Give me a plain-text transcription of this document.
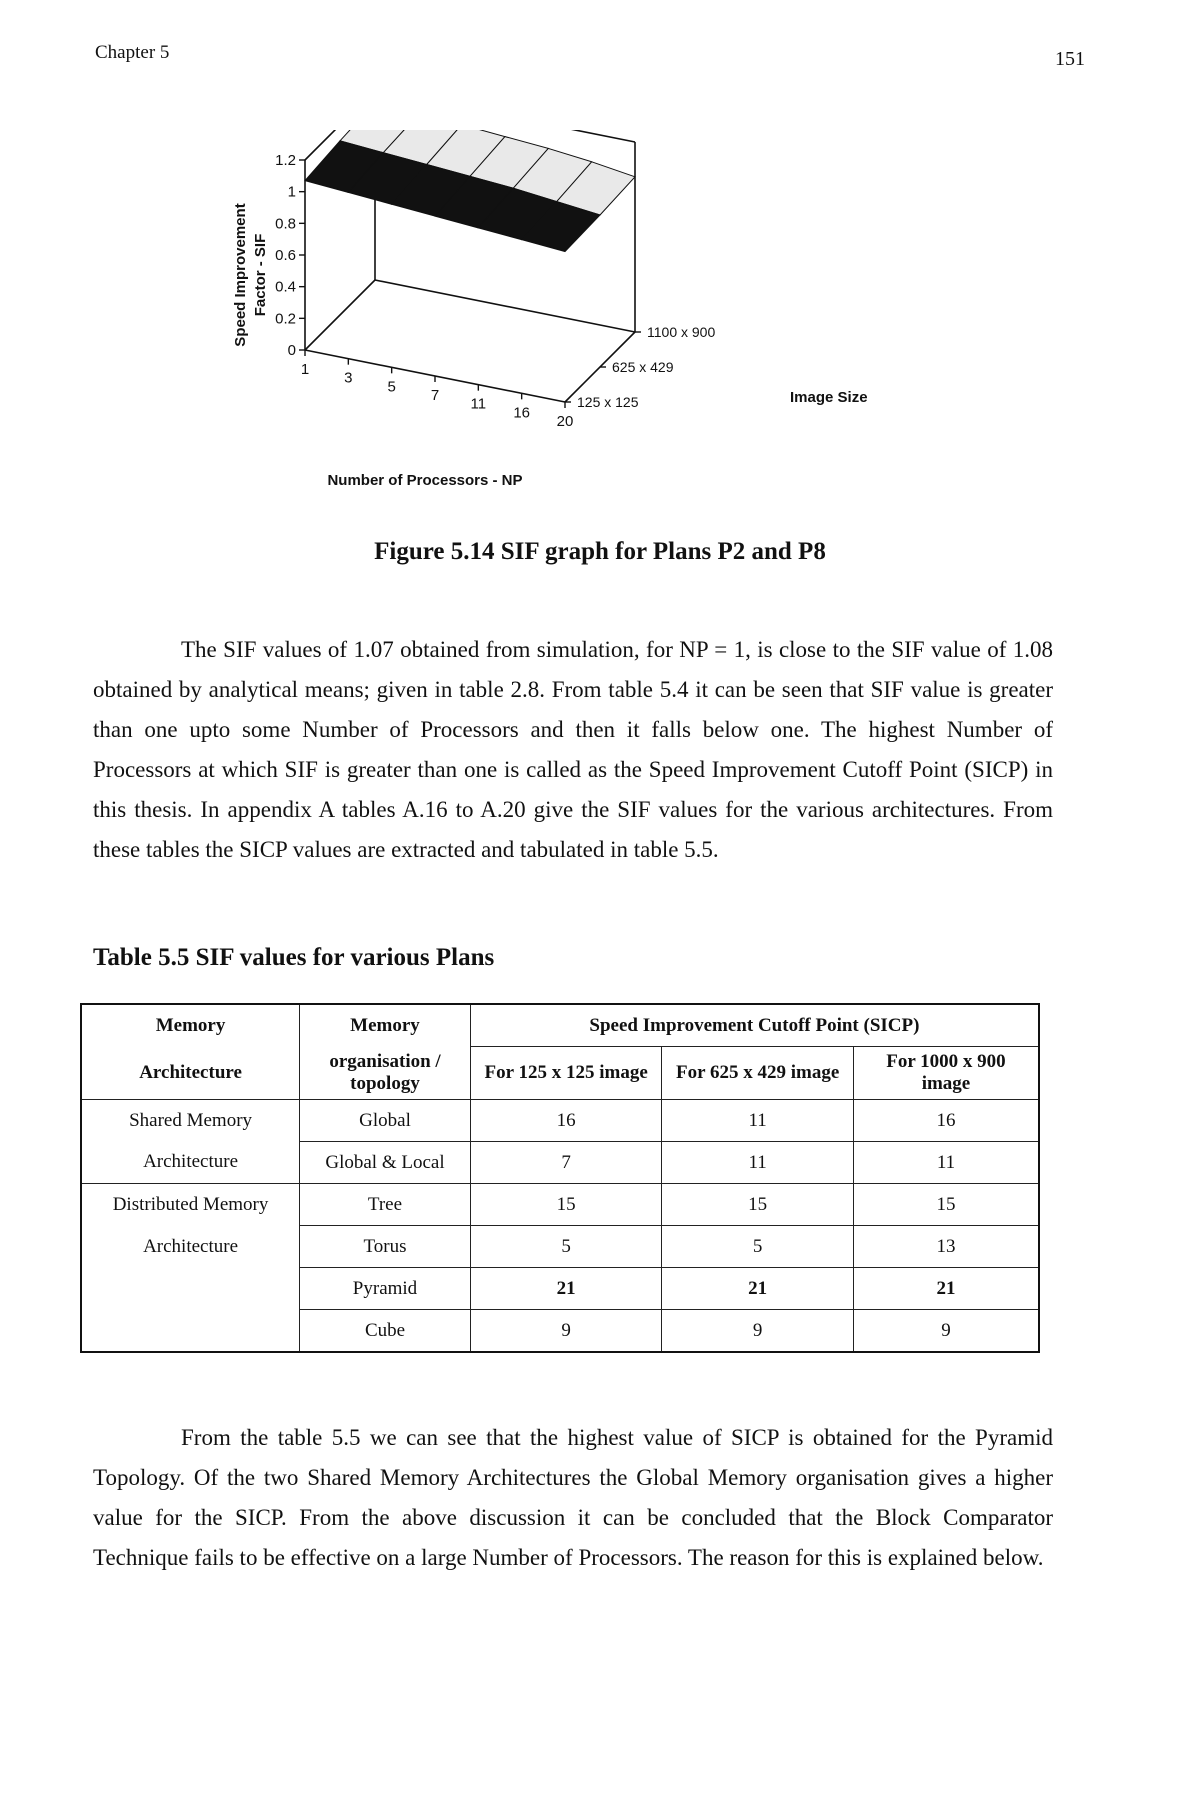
Chapter 5	151
0
0.2
0.4
0.6
0.8
1
1.2
1
3
5
7
11
16
20
125 x 125
625 x 429
1100 x 900
Speed Improvement Factor - SIF
Number of Processors - NP
Image Size
Figure 5.14 SIF graph for Plans P2 and P8

The SIF values of 1.07 obtained from simulation, for NP = 1, is close to the SIF value of 1.08 obtained by analytical means; given in table 2.8. From table 5.4 it can be seen that SIF value is greater than one upto some Number of Processors and then it falls below one. The highest Number of Processors at which SIF is greater than one is called as the Speed Improvement Cutoff Point (SICP) in this thesis. In appendix A tables A.16 to A.20 give the SIF values for the various architectures. From these tables the SICP values are extracted and tabulated in table 5.5.

Table 5.5 SIF values for various Plans
Memory	Memory	Speed Improvement Cutoff Point (SICP)		
Architecture	organisation / topology	For 125 x 125 image	For 625 x 429 image	For 1000 x 900 image
Shared Memory	Global	16	11	16
Architecture	Global & Local	7	11	11
Distributed Memory	Tree	15	15	15
Architecture	Torus	5	5	13
	Pyramid	21	21	21
	Cube	9	9	9

From the table 5.5 we can see that the highest value of SICP is obtained for the Pyramid Topology. Of the two Shared Memory Architectures the Global Memory organisation gives a higher value for the SICP. From the above discussion it can be concluded that the Block Comparator Technique fails to be effective on a large Number of Processors. The reason for this is explained below.
